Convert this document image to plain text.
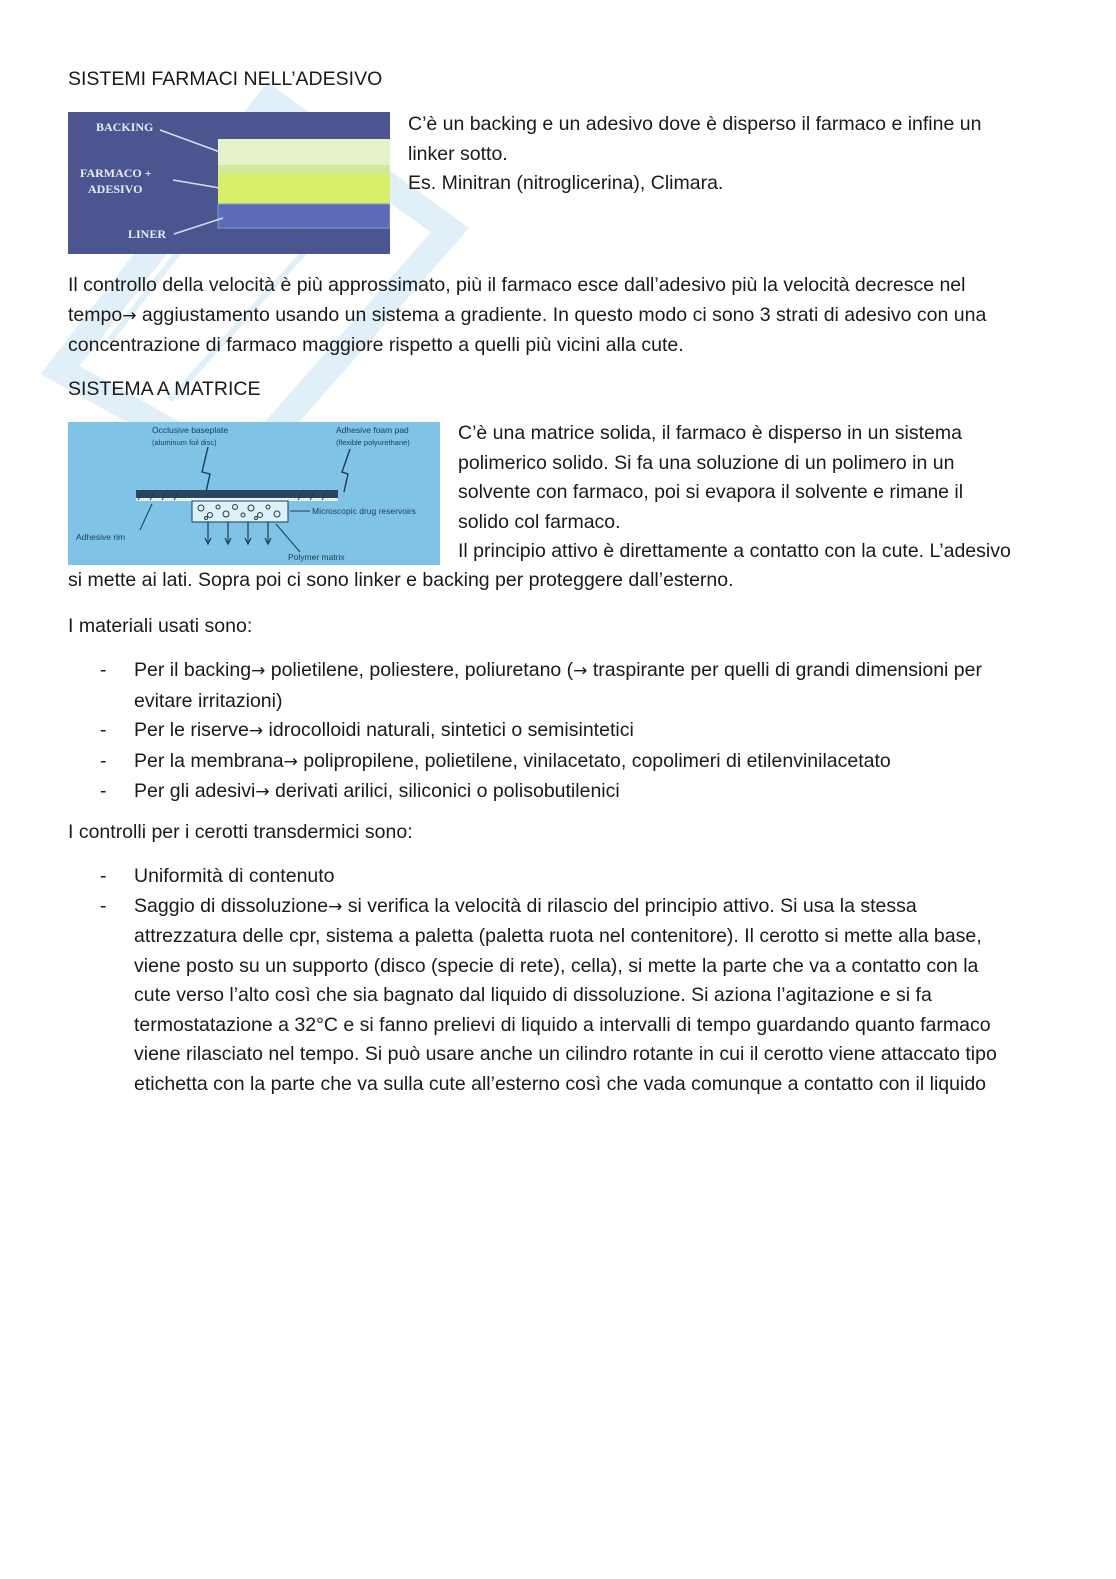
SISTEMI FARMACI NELL’ADESIVO
BACKING
FARMACO +
ADESIVO
LINER
C’è un backing e un adesivo dove è disperso il farmaco e infine un
linker sotto.
Es. Minitran (nitroglicerina), Climara.
Il controllo della velocità è più approssimato, più il farmaco esce dall’adesivo più la velocità decresce nel
tempo→ aggiustamento usando un sistema a gradiente. In questo modo ci sono 3 strati di adesivo con una
concentrazione di farmaco maggiore rispetto a quelli più vicini alla cute.
SISTEMA A MATRICE
Occlusive baseplate
(aluminum foil disc)
Adhesive foam pad
(flexible polyurethane)
Microscopic drug reservoirs
Adhesive rim
Polymer matrix
C’è una matrice solida, il farmaco è disperso in un sistema
polimerico solido. Si fa una soluzione di un polimero in un
solvente con farmaco, poi si evapora il solvente e rimane il
solido col farmaco.
Il principio attivo è direttamente a contatto con la cute. L’adesivo
si mette ai lati. Sopra poi ci sono linker e backing per proteggere dall’esterno.
I materiali usati sono:
- Per il backing→ polietilene, poliestere, poliuretano (→ traspirante per quelli di grandi dimensioni per
evitare irritazioni)
- Per le riserve→ idrocolloidi naturali, sintetici o semisintetici
- Per la membrana→ polipropilene, polietilene, vinilacetato, copolimeri di etilenvinilacetato
- Per gli adesivi→ derivati arilici, siliconici o polisobutilenici
I controlli per i cerotti transdermici sono:
- Uniformità di contenuto
- Saggio di dissoluzione→ si verifica la velocità di rilascio del principio attivo. Si usa la stessa
attrezzatura delle cpr, sistema a paletta (paletta ruota nel contenitore). Il cerotto si mette alla base,
viene posto su un supporto (disco (specie di rete), cella), si mette la parte che va a contatto con la
cute verso l’alto così che sia bagnato dal liquido di dissoluzione. Si aziona l’agitazione e si fa
termostatazione a 32°C e si fanno prelievi di liquido a intervalli di tempo guardando quanto farmaco
viene rilasciato nel tempo. Si può usare anche un cilindro rotante in cui il cerotto viene attaccato tipo
etichetta con la parte che va sulla cute all’esterno così che vada comunque a contatto con il liquido
